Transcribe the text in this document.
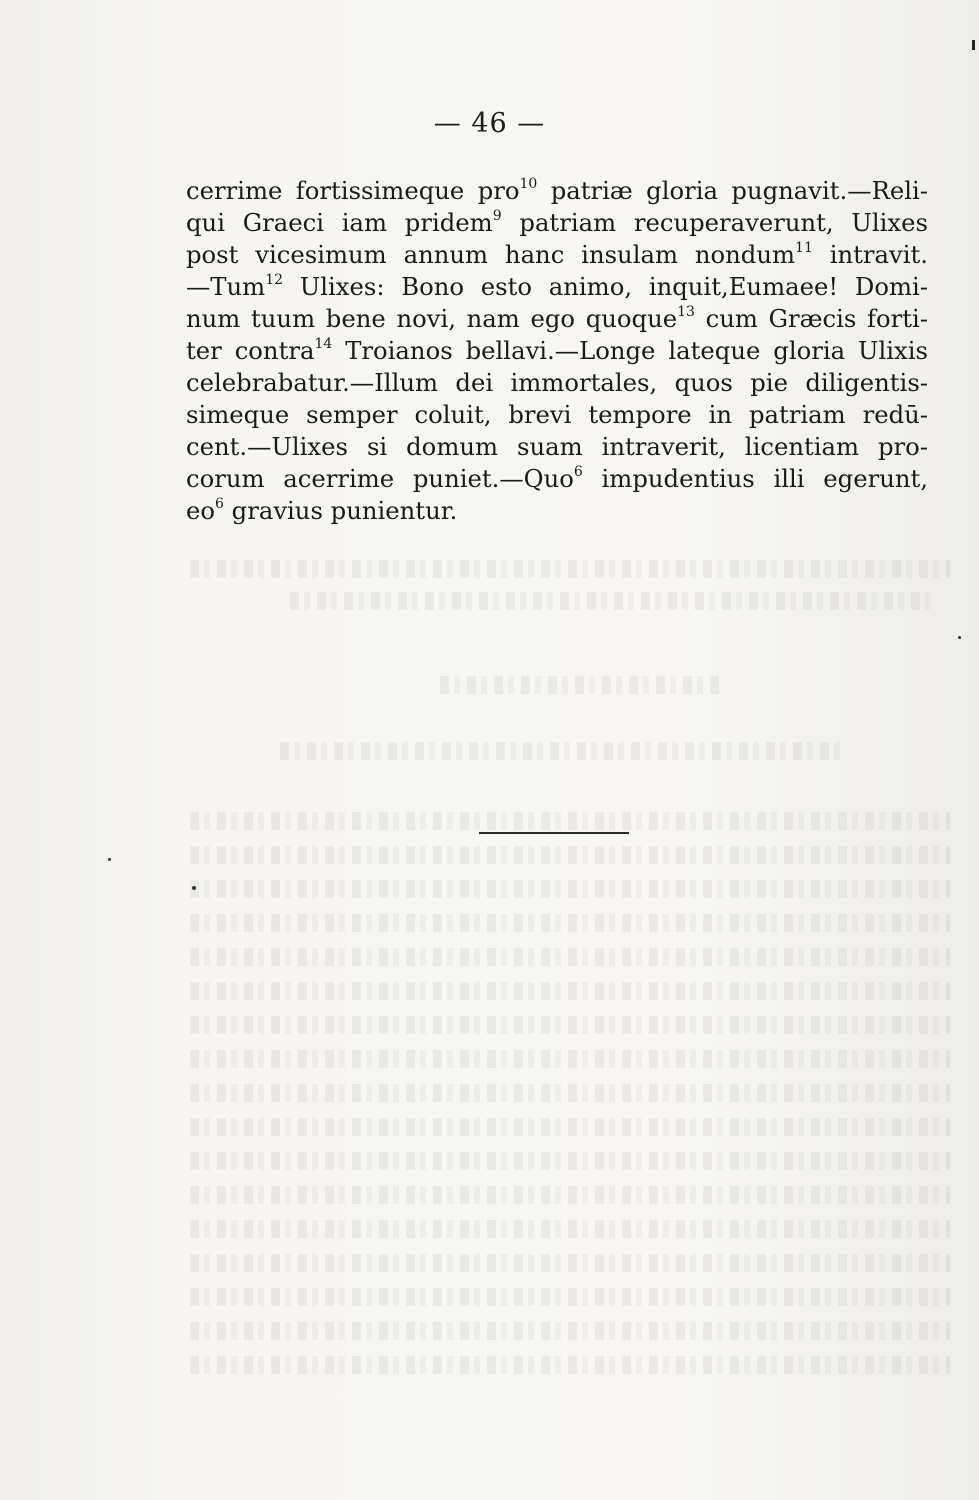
— 46 —
cerrime fortissimeque pro$^{10}$ patriæ gloria pugnavit.—Reli-
qui Graeci iam pridem$^9$ patriam recuperaverunt, Ulixes
post vicesimum annum hanc insulam nondum$^{11}$ intravit.
—Tum$^{12}$ Ulixes: Bono esto animo, inquit,Eumaee! Domi-
num tuum bene novi, nam ego quoque$^{13}$ cum Græcis forti-
ter contra$^{14}$ Troianos bellavi.—Longe lateque gloria Ulixis
celebrabatur.—Illum dei immortales, quos pie diligentis-
simeque semper coluit, brevi tempore in patriam redū-
cent.—Ulixes si domum suam intraverit, licentiam pro-
corum acerrime puniet.—Quo$^6$ impudentius illi egerunt,
$eo^6$ gravius punientur.
